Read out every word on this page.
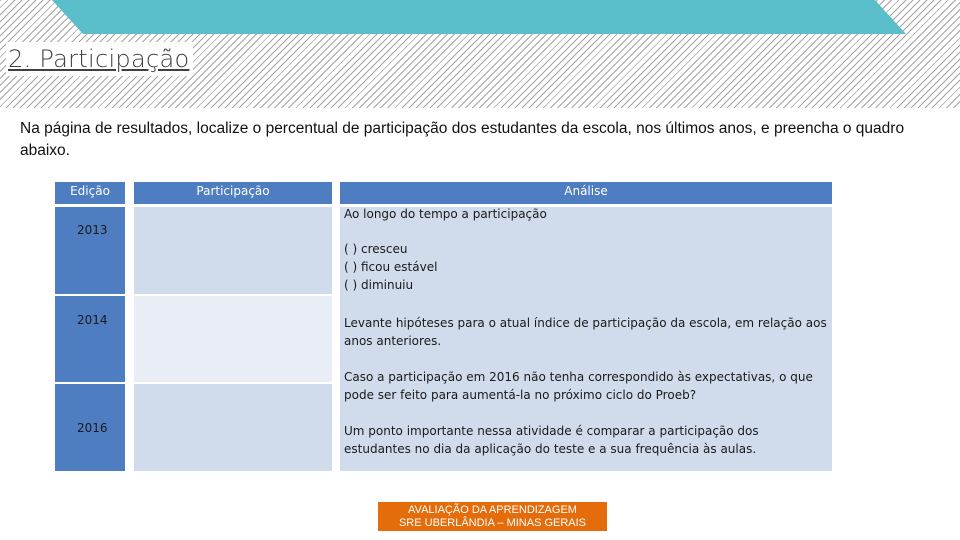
2. Participação

Na página de resultados, localize o percentual de participação dos estudantes da escola, nos últimos anos, e preencha o quadro abaixo.

Edição	Participação	Análise
2013
2014
2016

Ao longo do tempo a participação

( ) cresceu

( ) ficou estável

( ) diminuiu

Levante hipóteses para o atual índice de participação da escola, em relação aos anos anteriores.

Caso a participação em 2016 não tenha correspondido às expectativas, o que pode ser feito para aumentá-la no próximo ciclo do Proeb?

Um ponto importante nessa atividade é comparar a participação dos estudantes no dia da aplicação do teste e a sua frequência às aulas.

AVALIAÇÃO DA APRENDIZAGEM
SRE UBERLÂNDIA – MINAS GERAIS
